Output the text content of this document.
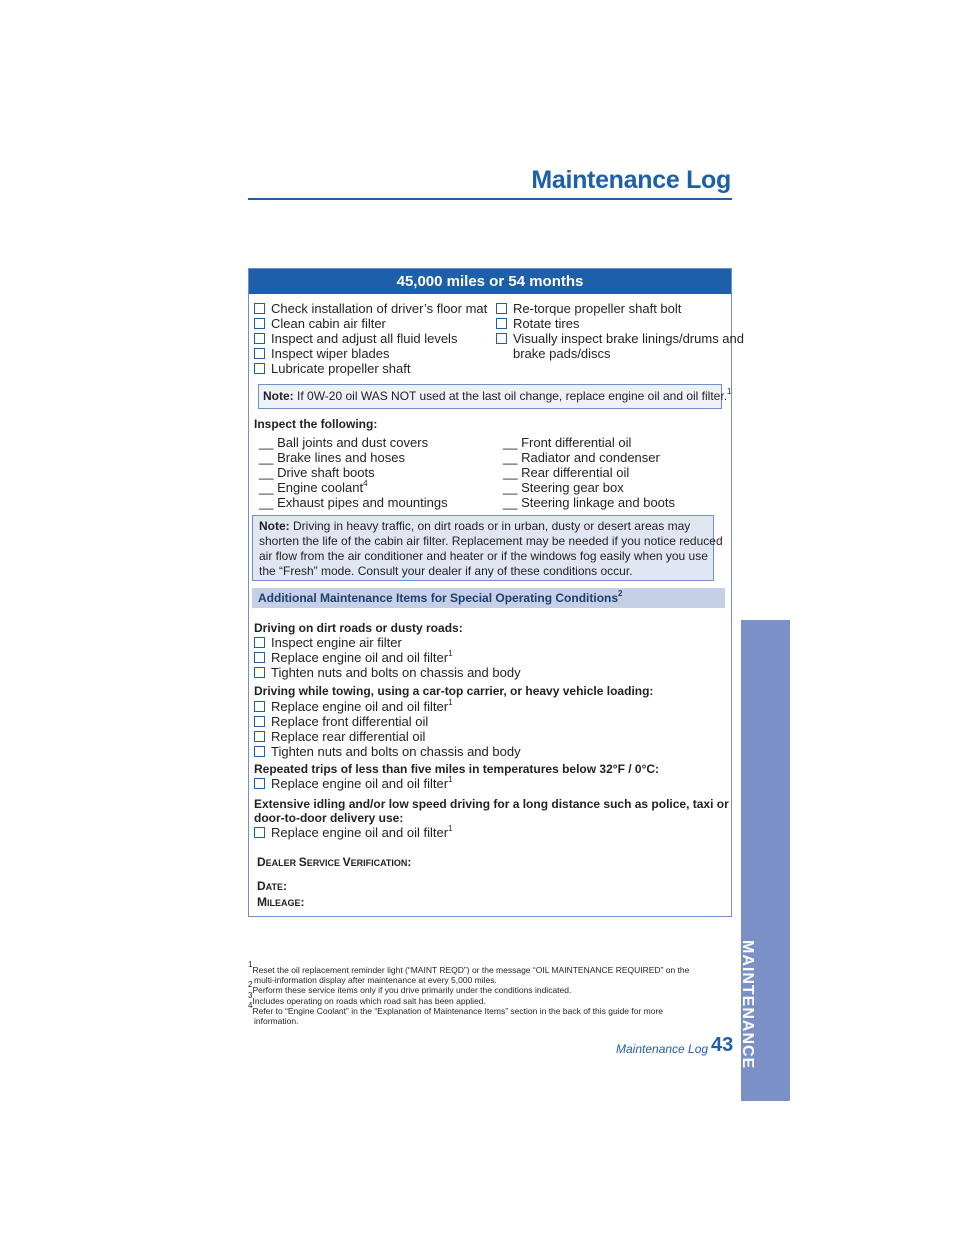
Maintenance Log
45,000 miles or 54 months
Check installation of driver’s floor mat
Clean cabin air filter
Inspect and adjust all fluid levels
Inspect wiper blades
Lubricate propeller shaft
Re-torque propeller shaft bolt
Rotate tires
Visually inspect brake linings/drums and
brake pads/discs
Note: If 0W-20 oil WAS NOT used at the last oil change, replace engine oil and oil filter.$^1$
Inspect the following:
__ Ball joints and dust covers
__ Brake lines and hoses
__ Drive shaft boots
__ Engine coolant$^4$
__ Exhaust pipes and mountings
__ Front differential oil
__ Radiator and condenser
__ Rear differential oil
__ Steering gear box
__ Steering linkage and boots
Note: Driving in heavy traffic, on dirt roads or in urban, dusty or desert areas may
shorten the life of the cabin air filter. Replacement may be needed if you notice reduced
air flow from the air conditioner and heater or if the windows fog easily when you use
the “Fresh” mode. Consult your dealer if any of these conditions occur.
Additional Maintenance Items for Special Operating Conditions$^2$
Driving on dirt roads or dusty roads:
Inspect engine air filter
Replace engine oil and oil filter$^1$
Tighten nuts and bolts on chassis and body
Driving while towing, using a car-top carrier, or heavy vehicle loading:
Replace engine oil and oil filter$^1$
Replace front differential oil
Replace rear differential oil
Tighten nuts and bolts on chassis and body
Repeated trips of less than five miles in temperatures below 32°F / 0°C:
Replace engine oil and oil filter$^1$
Extensive idling and/or low speed driving for a long distance such as police, taxi or
door-to-door delivery use:
Replace engine oil and oil filter$^1$
DEALER SERVICE VERIFICATION:
DATE:
MILEAGE:
$^1$Reset the oil replacement reminder light (“MAINT REQD”) or the message “OIL MAINTENANCE REQUIRED” on the
multi-information display after maintenance at every 5,000 miles.
$^2$Perform these service items only if you drive primarily under the conditions indicated.
$^3$Includes operating on roads which road salt has been applied.
$^4$Refer to “Engine Coolant” in the “Explanation of Maintenance Items” section in the back of this guide for more
information.
Maintenance Log 43 MAINTENANCE
